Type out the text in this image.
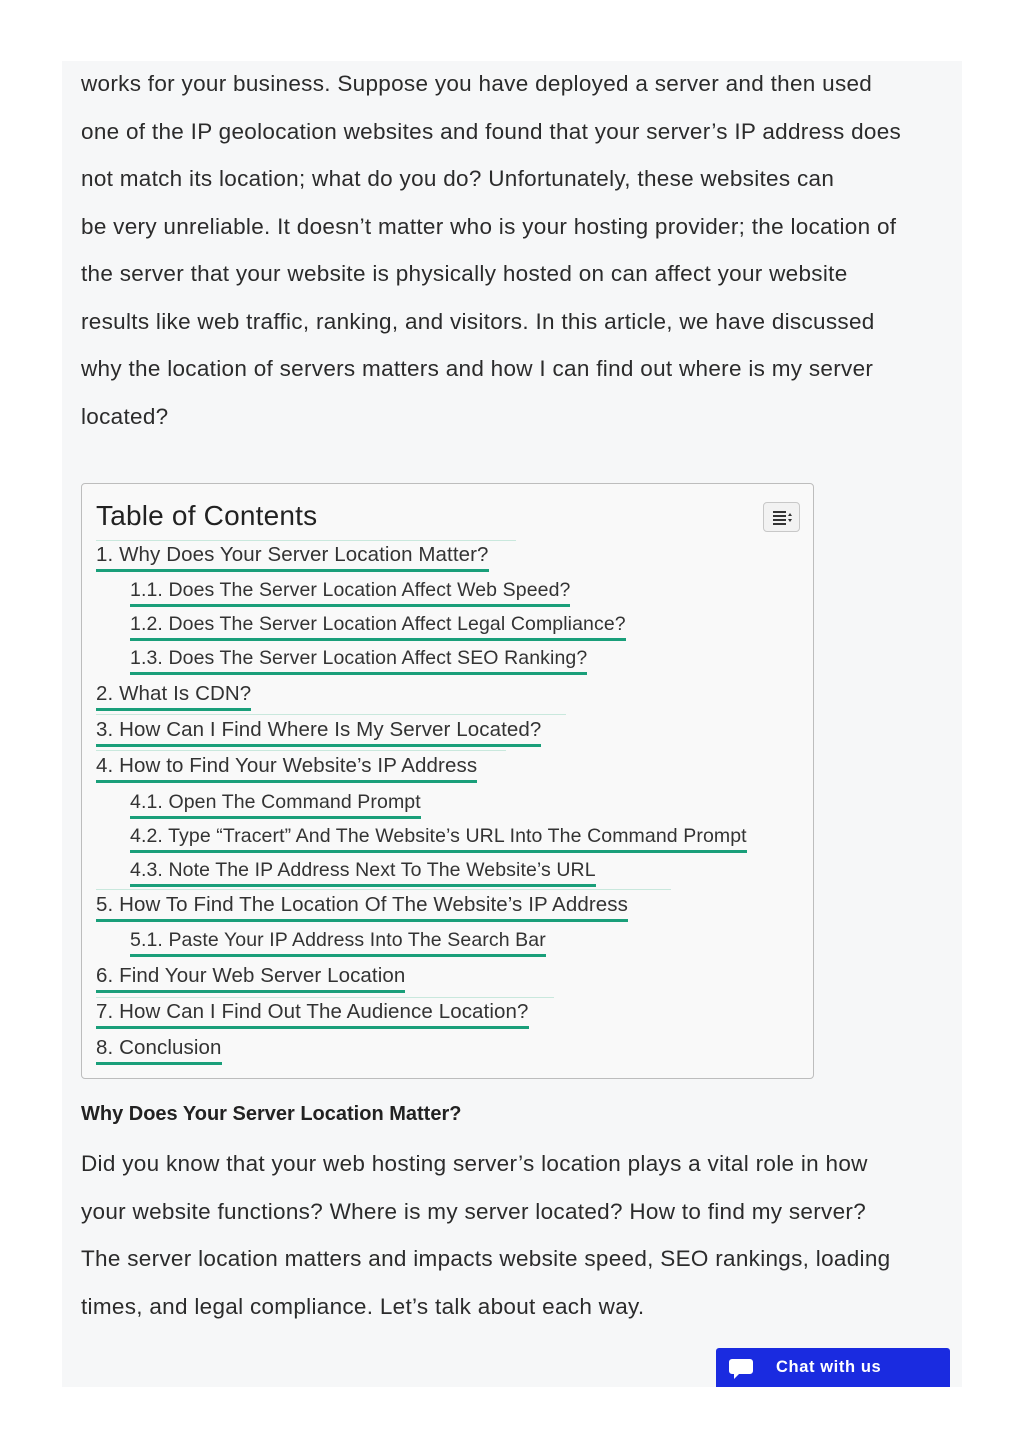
works for your business. Suppose you have deployed a server and then used
one of the IP geolocation websites and found that your server’s IP address does
not match its location; what do you do? Unfortunately, these websites can
be very unreliable. It doesn’t matter who is your hosting provider; the location of
the server that your website is physically hosted on can affect your website
results like web traffic, ranking, and visitors. In this article, we have discussed
why the location of servers matters and how I can find out where is my server
located?

Table of Contents
1. Why Does Your Server Location Matter?
1.1. Does The Server Location Affect Web Speed?
1.2. Does The Server Location Affect Legal Compliance?
1.3. Does The Server Location Affect SEO Ranking?
2. What Is CDN?
3. How Can I Find Where Is My Server Located?
4. How to Find Your Website’s IP Address
4.1. Open The Command Prompt
4.2. Type “Tracert” And The Website’s URL Into The Command Prompt
4.3. Note The IP Address Next To The Website’s URL
5. How To Find The Location Of The Website’s IP Address
5.1. Paste Your IP Address Into The Search Bar
6. Find Your Web Server Location
7. How Can I Find Out The Audience Location?
8. Conclusion
Why Does Your Server Location Matter?

Did you know that your web hosting server’s location plays a vital role in how
your website functions? Where is my server located? How to find my server?
The server location matters and impacts website speed, SEO rankings, loading
times, and legal compliance. Let’s talk about each way.

Chat with us
